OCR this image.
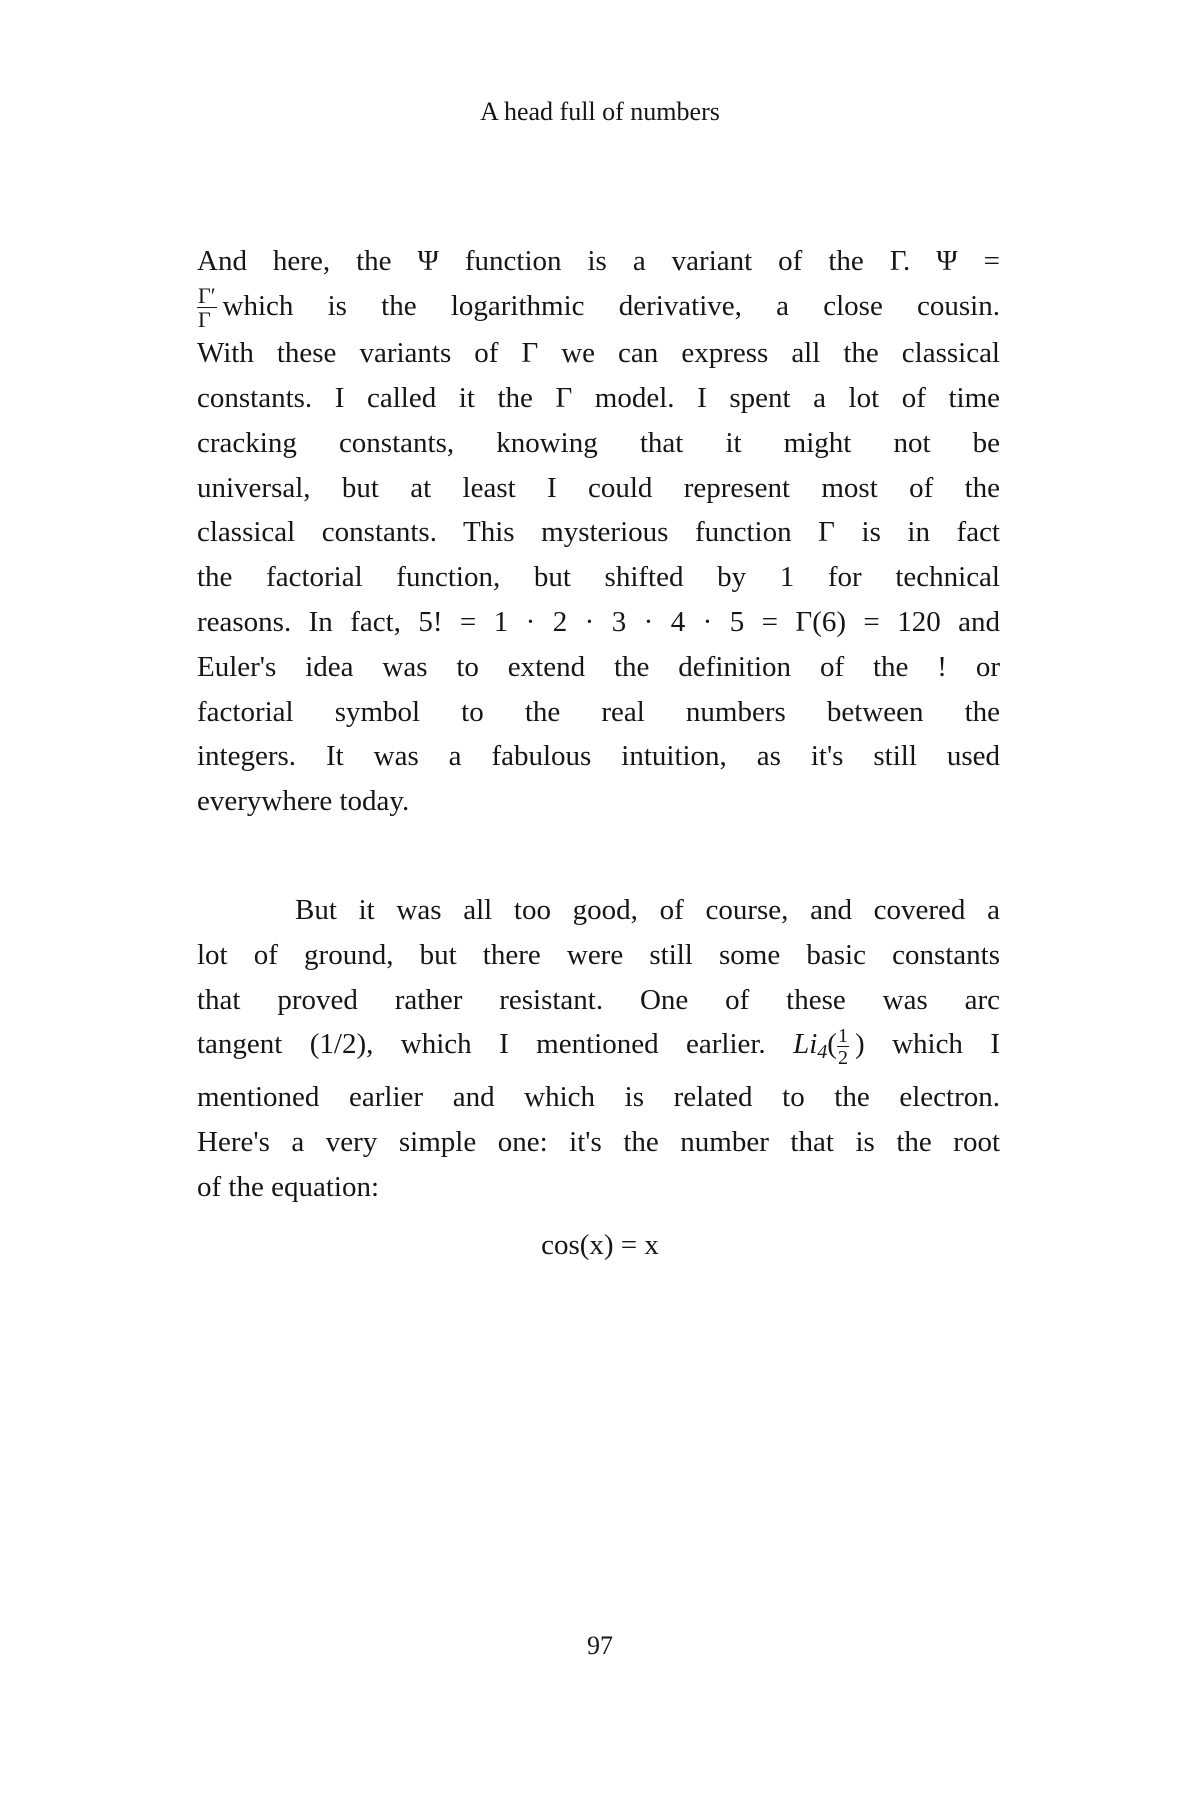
A head full of numbers
And here, the Ψ function is a variant of the Γ. Ψ =
$\frac{\Gamma'}{\Gamma}$ which is the logarithmic derivative, a close cousin.
With these variants of Γ we can express all the classical
constants. I called it the Γ model. I spent a lot of time
cracking constants, knowing that it might not be
universal, but at least I could represent most of the
classical constants. This mysterious function Γ is in fact
the factorial function, but shifted by 1 for technical
reasons. In fact, 5! = 1 · 2 · 3 · 4 · 5 = Γ(6) = 120 and
Euler's idea was to extend the definition of the ! or
factorial symbol to the real numbers between the
integers. It was a fabulous intuition, as it's still used
everywhere today.
But it was all too good, of course, and covered a
lot of ground, but there were still some basic constants
that proved rather resistant. One of these was arc
tangent (1/2), which I mentioned earlier. $Li_4( \frac{1}{2}$ ) which I
mentioned earlier and which is related to the electron.
Here's a very simple one: it's the number that is the root
of the equation:
cos(x) = x
97
